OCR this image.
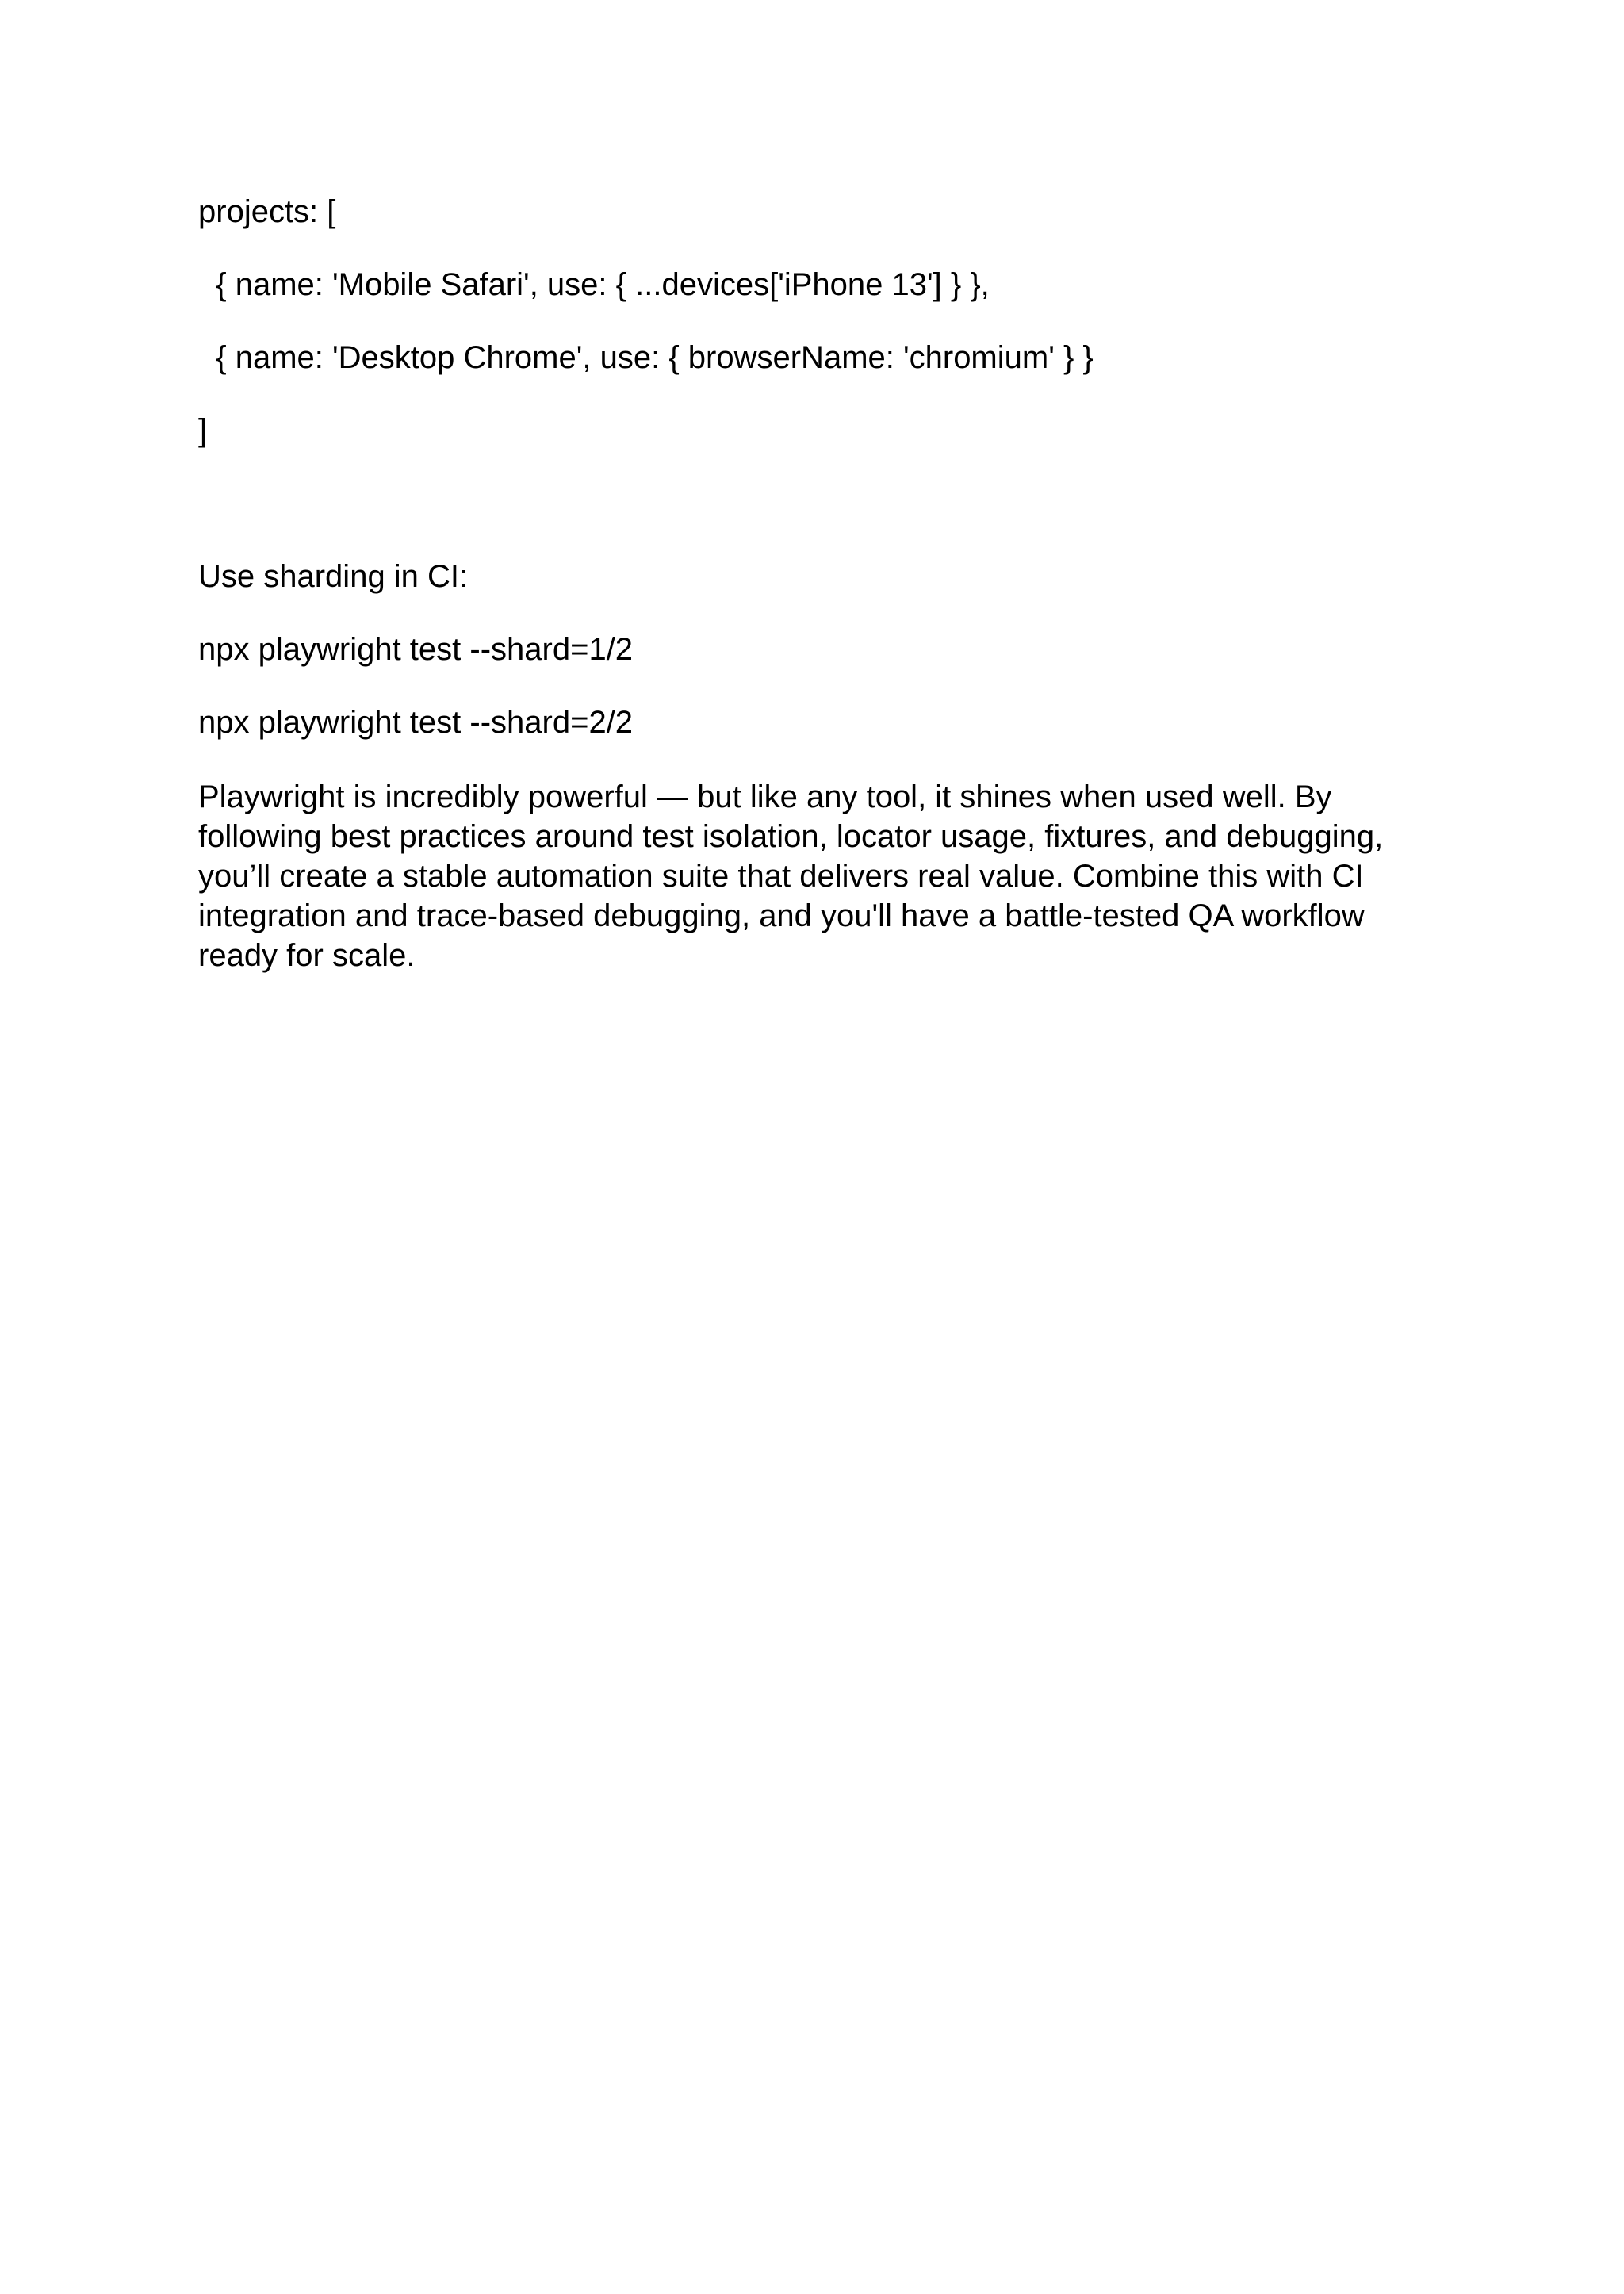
projects: [

{ name: 'Mobile Safari', use: { ...devices['iPhone 13'] } },

{ name: 'Desktop Chrome', use: { browserName: 'chromium' } }

]

Use sharding in CI:

npx playwright test --shard=1/2

npx playwright test --shard=2/2

Playwright is incredibly powerful — but like any tool, it shines when used well. By following best practices around test isolation, locator usage, fixtures, and debugging, you’ll create a stable automation suite that delivers real value. Combine this with CI integration and trace-based debugging, and you'll have a battle-tested QA workflow ready for scale.
